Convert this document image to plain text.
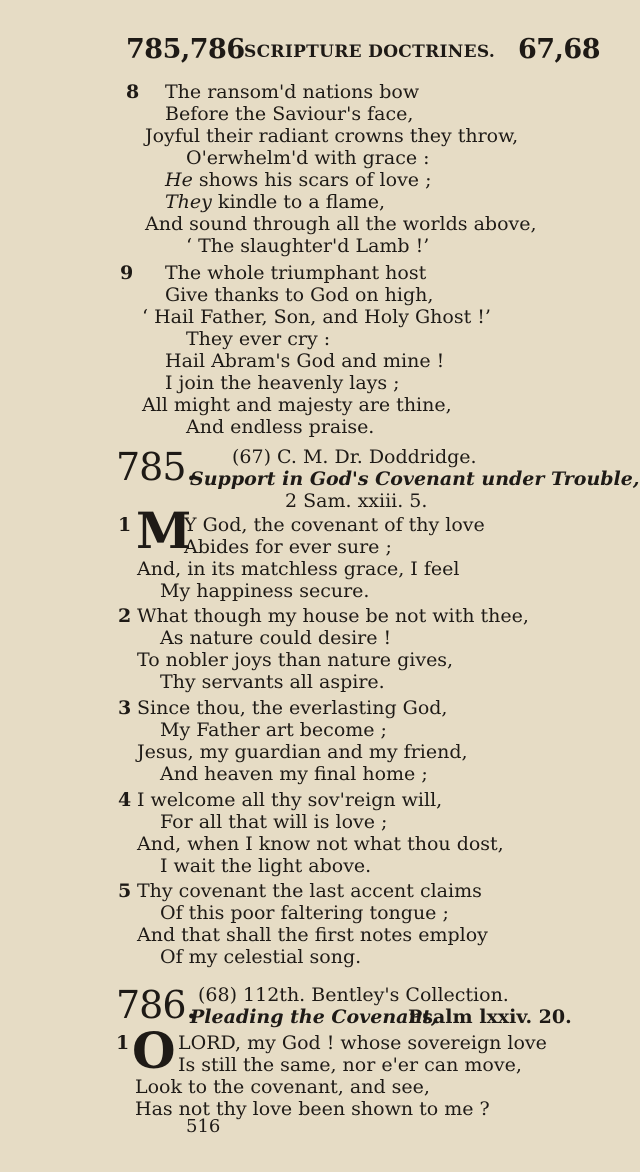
785,786 SCRIPTURE DOCTRINES. 67,68
8 The ransom'd nations bow
Before the Saviour's face,
Joyful their radiant crowns they throw,
O'erwhelm'd with grace :
He shows his scars of love ;
They kindle to a flame,
And sound through all the worlds above,
‘ The slaughter'd Lamb !’
9 The whole triumphant host
Give thanks to God on high,
‘ Hail Father, Son, and Holy Ghost !’
They ever cry :
Hail Abram's God and mine !
I join the heavenly lays ;
All might and majesty are thine,
And endless praise.
785. (67) C. M. Dr. Doddridge.
Support in God's Covenant under Trouble,
2 Sam. xxiii. 5.
1 M
Y God, the covenant of thy love
Abides for ever sure ;
And, in its matchless grace, I feel
My happiness secure.
2 What though my house be not with thee,
As nature could desire !
To nobler joys than nature gives,
Thy servants all aspire.
3 Since thou, the everlasting God,
My Father art become ;
Jesus, my guardian and my friend,
And heaven my final home ;
4 I welcome all thy sov'reign will,
For all that will is love ;
And, when I know not what thou dost,
I wait the light above.
5 Thy covenant the last accent claims
Of this poor faltering tongue ;
And that shall the first notes employ
Of my celestial song.
786. (68) 112th. Bentley's Collection.
Pleading the Covenant,
Psalm lxxiv. 20.
1 O LORD, my God ! whose sovereign love
Is still the same, nor e'er can move,
Look to the covenant, and see,
Has not thy love been shown to me ?
516
